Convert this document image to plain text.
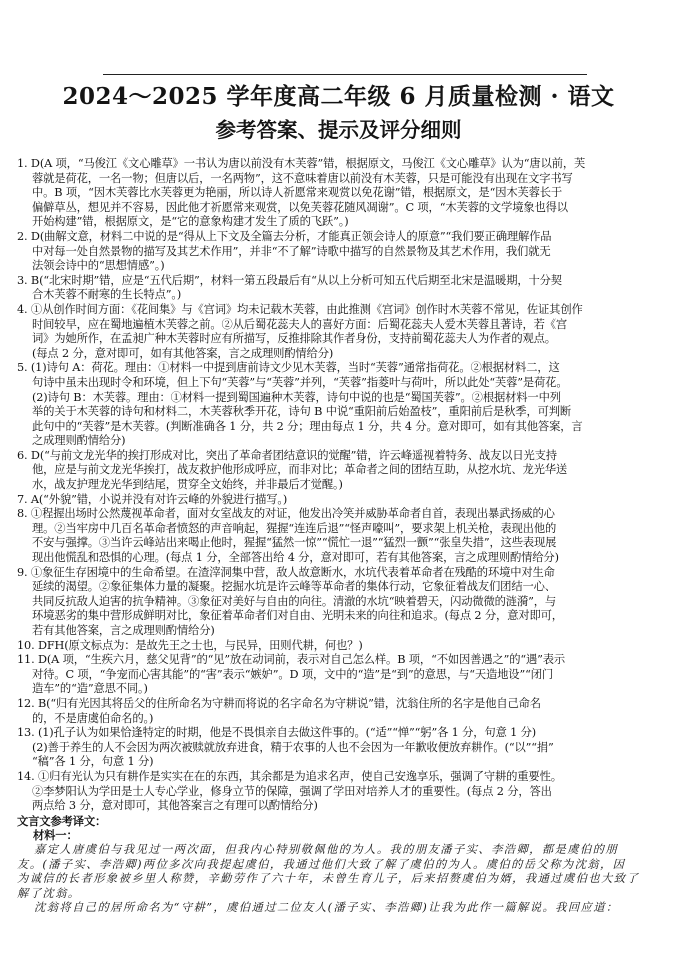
2024～2025 学年度高二年级 6 月质量检测 · 语文
参考答案、提示及评分细则
1. D(A 项，“马俊江《文心雕草》一书认为唐以前没有木芙蓉”错，根据原文，马俊江《文心雕草》认为“唐以前，芙
蓉就是荷花，一名一物；但唐以后，一名两物”，这不意味着唐以前没有木芙蓉，只是可能没有出现在文字书写
中。B 项，“因木芙蓉比水芙蓉更为艳丽，所以诗人祈愿常来观赏以免花谢”错，根据原文，是“因木芙蓉长于
偏僻草丛，想见并不容易，因此他才祈愿常来观赏，以免芙蓉花随风凋谢”。C 项，“木芙蓉的文学境象也得以
开始构建”错，根据原文，是“它的意象构建才发生了质的飞跃”。)
2. D(曲解文意，材料二中说的是“得从上下文及全篇去分析，才能真正领会诗人的原意”“我们要正确理解作品
中对每一处自然景物的描写及其艺术作用”，并非“不了解”诗歌中描写的自然景物及其艺术作用，我们就无
法领会诗中的“思想情感”。)
3. B(“北宋时期”错，应是“五代后期”，材料一第五段最后有“从以上分析可知五代后期至北宋是温暖期，十分契
合木芙蓉不耐寒的生长特点”。)
4. ①从创作时间方面：《花间集》与《宫词》均未记载木芙蓉，由此推测《宫词》创作时木芙蓉不常见，佐证其创作
时间较早，应在蜀地遍植木芙蓉之前。②从后蜀花蕊夫人的喜好方面：后蜀花蕊夫人爱木芙蓉且著诗，若《宫
词》为她所作，在孟昶广种木芙蓉时应有所描写，反推排除其作者身份，支持前蜀花蕊夫人为作者的观点。
(每点 2 分，意对即可，如有其他答案，言之成理则酌情给分)
5. (1)诗句 A：荷花。理由：①材料一中提到唐前诗文少见木芙蓉，当时“芙蓉”通常指荷花。②根据材料二，这
句诗中虽未出现时令和环境，但上下句“芙蓉”与“芙蓉”并列，“芙蓉”指菱叶与荷叶，所以此处“芙蓉”是荷花。
(2)诗句 B：木芙蓉。理由：①材料一提到蜀国遍种木芙蓉，诗句中说的也是“蜀国芙蓉”。②根据材料一中列
举的关于木芙蓉的诗句和材料二，木芙蓉秋季开花，诗句 B 中说“重阳前后始盈枝”，重阳前后是秋季，可判断
此句中的“芙蓉”是木芙蓉。(判断准确各 1 分，共 2 分；理由每点 1 分，共 4 分。意对即可，如有其他答案，言
之成理则酌情给分)
6. D(“与前文龙光华的挨打形成对比，突出了革命者团结意识的觉醒”错，许云峰遥视着特务、战友以日光支持
他，应是与前文龙光华挨打，战友救护他形成呼应，而非对比；革命者之间的团结互助，从挖水坑、龙光华送
水，战友护理龙光华到结尾，贯穿全文始终，并非最后才觉醒。)
7. A(“外貌”错，小说并没有对许云峰的外貌进行描写。)
8. ①程握出场时公然蔑视革命者，面对女室战友的对证，他发出冷笑并威胁革命者自首，表现出暴武扬威的心
理。②当牢房中几百名革命者愤怒的声音响起，猩握“连连后退”“怪声嚎叫”，要求架上机关枪，表现出他的
不安与强撑。③当许云峰站出来喝止他时，猩握“猛然一惊”“慌忙一退”“猛烈一颤”“张皇失措”，这些表现展
现出他慌乱和恐惧的心理。(每点 1 分，全部答出给 4 分，意对即可，若有其他答案，言之成理则酌情给分)
9. ①象征生存困境中的生命希望。在渣滓洞集中营，敌人故意断水，水坑代表着革命者在残酷的环境中对生命
延续的渴望。②象征集体力量的凝聚。挖掘水坑是许云峰等革命者的集体行动，它象征着战友们团结一心、
共同反抗敌人迫害的抗争精神。③象征对美好与自由的向往。清澈的水坑“映着碧天，闪动微微的涟漪”，与
环境恶劣的集中营形成鲜明对比，象征着革命者们对自由、光明未来的向往和追求。(每点 2 分，意对即可，
若有其他答案，言之成理则酌情给分)
10. DFH(原文标点为：是故先王之士也，与民异，田则代耕，何也？)
11. D(A 项，“生疾六月，慈父见背”的“见”放在动词前，表示对自己怎么样。B 项，“不如因善遇之”的“遇”表示
对待。C 项，“争宠而心害其能”的“害”表示“嫉妒”。D 项，文中的“造”是“到”的意思，与“天造地设”“闭门
造车”的“造”意思不同。)
12. B(“归有光因其将岳父的住所命名为守耕而将说的名字命名为守耕说”错，沈翁住所的名字是他自己命名
的，不是唐虞伯命名的。)
13. (1)孔子认为如果恰逢特定的时期，他是不畏惧亲自去做这件事的。(“适”“惮”“躬”各 1 分，句意 1 分)
(2)善于养生的人不会因为两次被赎就放弃进食，精于农事的人也不会因为一年歉收便放弃耕作。(“以”“捐”
“稿”各 1 分，句意 1 分)
14. ①归有光认为只有耕作是实实在在的东西，其余都是为追求名声，使自己安逸享乐，强调了守耕的重要性。
②李梦阳认为学田是士人专心学业，修身立节的保障，强调了学田对培养人才的重要性。(每点 2 分，答出
两点给 3 分，意对即可，其他答案言之有理可以酌情给分)
文言文参考译文：
材料一：
嘉定人唐虞伯与我见过一两次面，但我内心特别敬佩他的为人。我的朋友潘子实、李浩卿，都是虞伯的朋
友。(潘子实、李浩卿)两位多次向我提起虞伯，我通过他们大致了解了虞伯的为人。虞伯的岳父称为沈翁，因
为诚信的长者形象被乡里人称赞，辛勤劳作了六十年，未曾生育儿子，后来招赘虞伯为婿，我通过虞伯也大致了
解了沈翁。
沈翁将自己的居所命名为“守耕”，虞伯通过二位友人(潘子实、李浩卿)让我为此作一篇解说。我回应道：
